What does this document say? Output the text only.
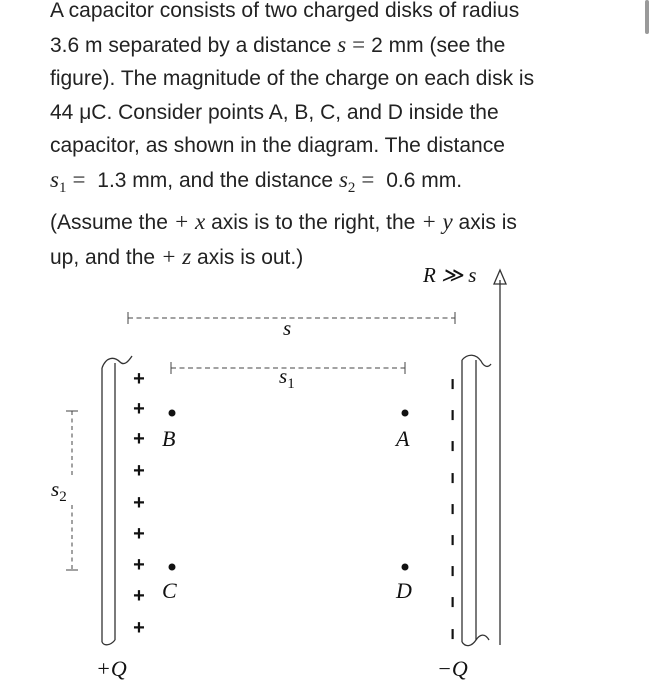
A capacitor consists of two charged disks of radius
3.6 m separated by a distance s = 2 mm (see the
figure). The magnitude of the charge on each disk is
44 μC. Consider points A, B, C, and D inside the
capacitor, as shown in the diagram. The distance
$s_1 = 1.3$ mm, and the distance $s_2 = 0.6$ mm.
(Assume the + x axis is to the right, the + y axis is
up, and the + z axis is out.)
+
+
+
+
+
+
+
+
+
−
−
−
−
−
−
−
−
−
R ≫ s
s
$s_1$
$s_2$
B	A
C	D
+Q	−Q
